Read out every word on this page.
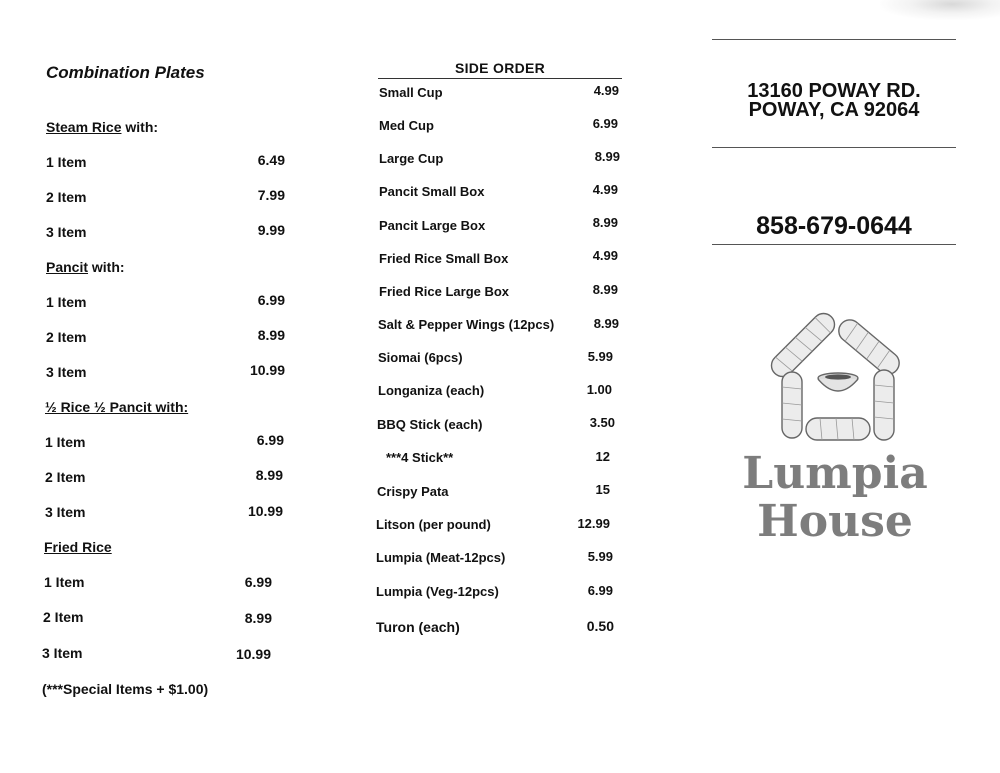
Combination Plates
Steam Rice with:
1 Item	6.49
2 Item	7.99
3 Item	9.99
Pancit with:
1 Item	6.99
2 Item	8.99
3 Item	10.99
½ Rice ½ Pancit with:
1 Item	6.99
2 Item	8.99
3 Item	10.99
Fried Rice
1 Item	6.99
2 Item	8.99
3 Item	10.99
(***Special Items + $1.00)
SIDE ORDER
Small Cup	4.99
Med Cup	6.99
Large Cup	8.99
Pancit Small Box	4.99
Pancit Large Box	8.99
Fried Rice Small Box	4.99
Fried Rice Large Box	8.99
Salt & Pepper Wings (12pcs)	8.99
Siomai (6pcs)	5.99
Longaniza (each)	1.00
BBQ Stick (each)	3.50
***4 Stick**	12
Crispy Pata	15
Litson (per pound)	12.99
Lumpia (Meat-12pcs)	5.99
Lumpia (Veg-12pcs)	6.99
Turon (each)	0.50
13160 POWAY RD.
POWAY, CA 92064
858-679-0644
Lumpia
House
